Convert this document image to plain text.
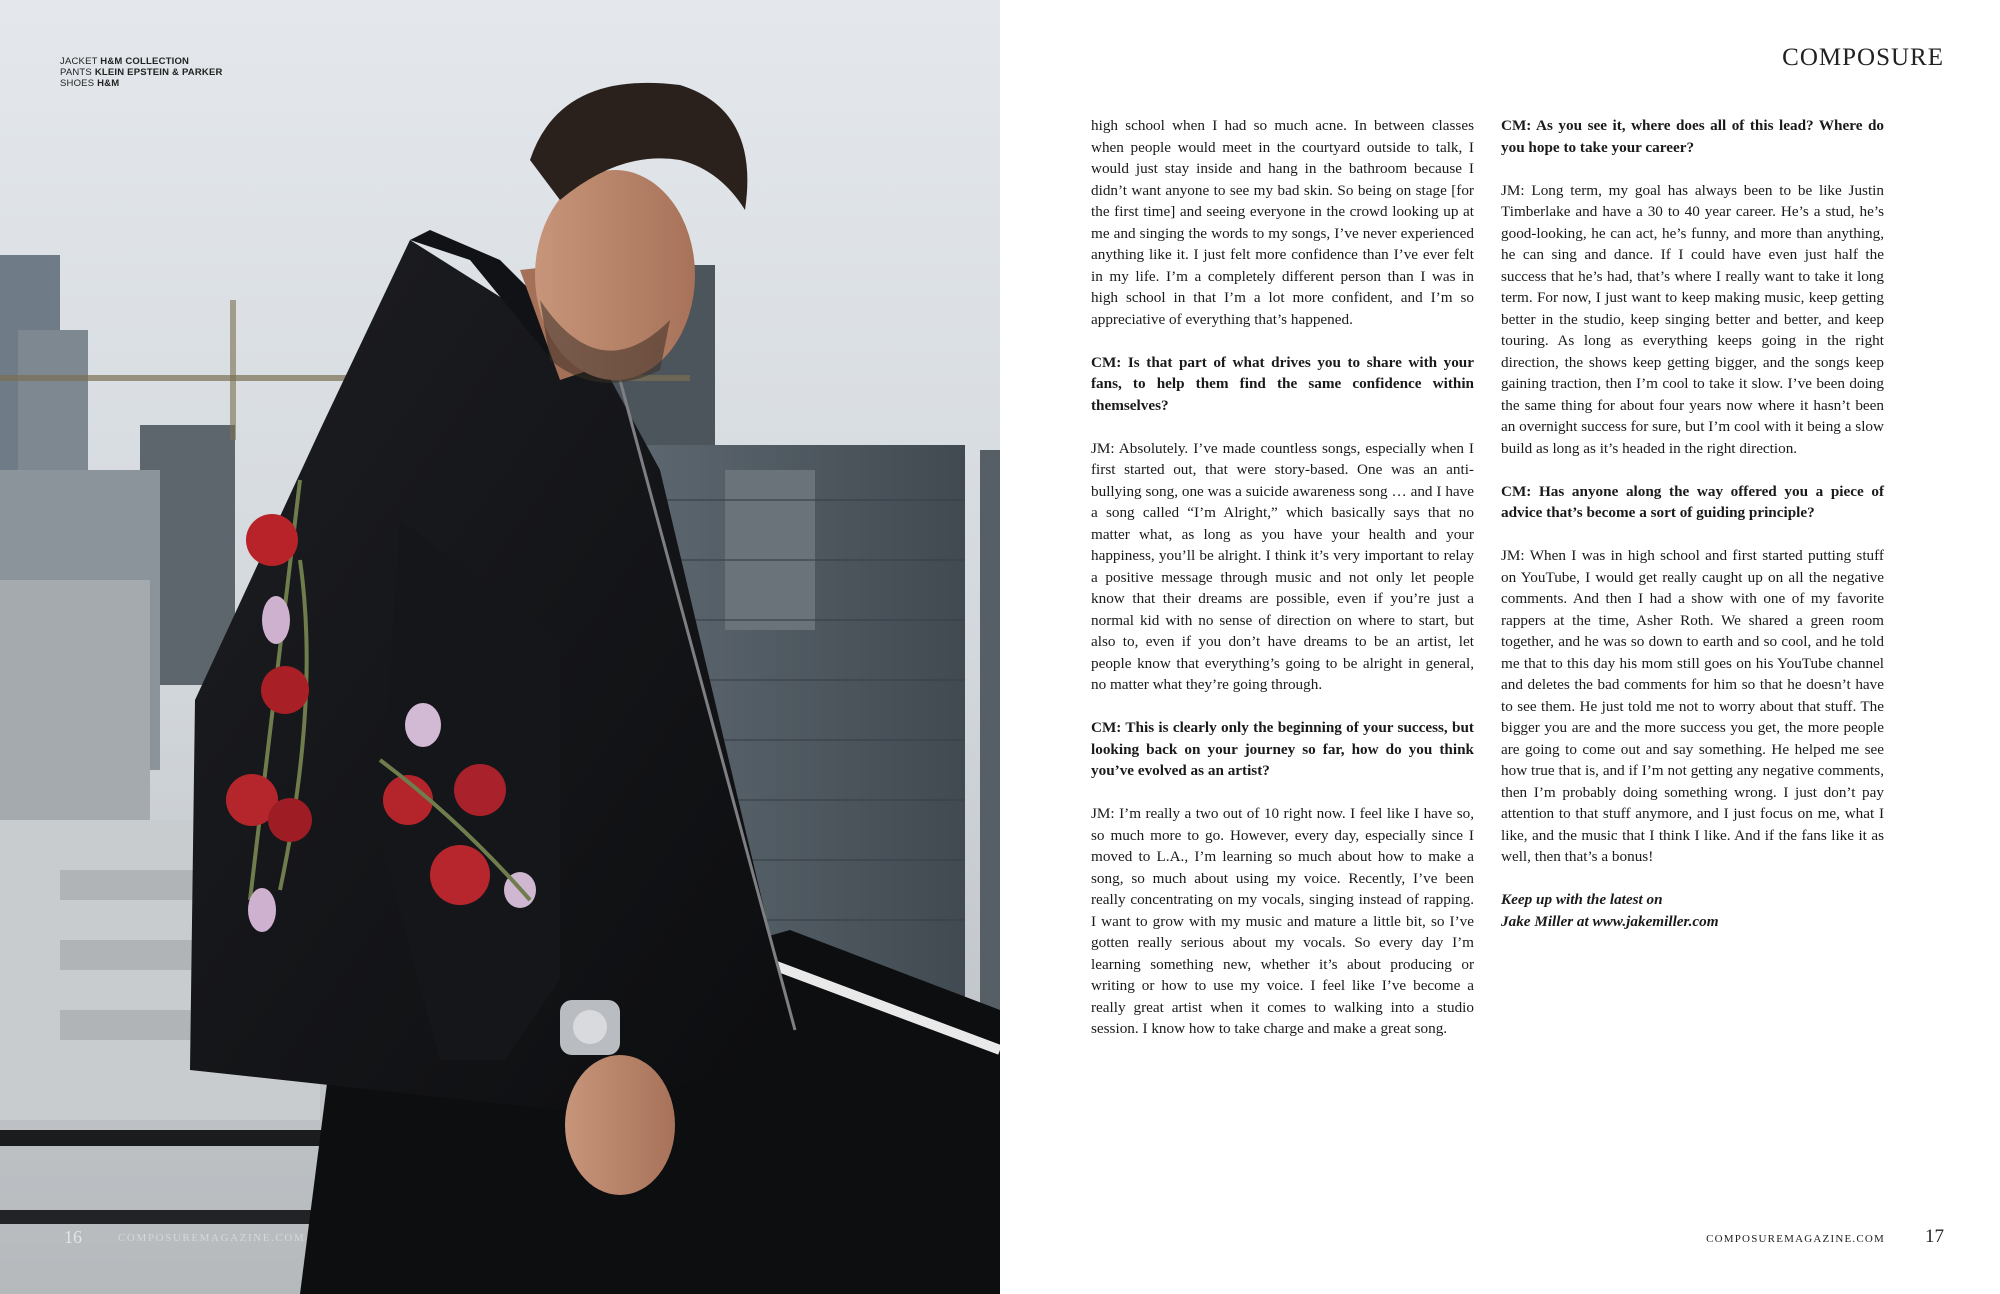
JACKET H&M COLLECTION
PANTS KLEIN EPSTEIN & PARKER
SHOES H&M
16	COMPOSUREMAGAZINE.COM
COMPOSURE

high school when I had so much acne. In between classes when people would meet in the courtyard outside to talk, I would just stay inside and hang in the bathroom because I didn’t want anyone to see my bad skin. So being on stage [for the first time] and seeing everyone in the crowd looking up at me and singing the words to my songs, I’ve never experienced anything like it. I just felt more confidence than I’ve ever felt in my life. I’m a completely different person than I was in high school in that I’m a lot more confident, and I’m so appreciative of everything that’s happened.

CM: Is that part of what drives you to share with your fans, to help them find the same confidence within themselves?

JM: Absolutely. I’ve made countless songs, especially when I first started out, that were story-based. One was an anti-bullying song, one was a suicide awareness song … and I have a song called “I’m Alright,” which basically says that no matter what, as long as you have your health and your happiness, you’ll be alright. I think it’s very important to relay a positive message through music and not only let people know that their dreams are possible, even if you’re just a normal kid with no sense of direction on where to start, but also to, even if you don’t have dreams to be an artist, let people know that everything’s going to be alright in general, no matter what they’re going through.

CM: This is clearly only the beginning of your success, but looking back on your journey so far, how do you think you’ve evolved as an artist?

JM: I’m really a two out of 10 right now. I feel like I have so, so much more to go. However, every day, especially since I moved to L.A., I’m learning so much about how to make a song, so much about using my voice. Recently, I’ve been really concentrating on my vocals, singing instead of rapping. I want to grow with my music and mature a little bit, so I’ve gotten really serious about my vocals. So every day I’m learning something new, whether it’s about producing or writing or how to use my voice. I feel like I’ve become a really great artist when it comes to walking into a studio session. I know how to take charge and make a great song.

CM: As you see it, where does all of this lead? Where do you hope to take your career?

JM: Long term, my goal has always been to be like Justin Timberlake and have a 30 to 40 year career. He’s a stud, he’s good-looking, he can act, he’s funny, and more than anything, he can sing and dance. If I could have even just half the success that he’s had, that’s where I really want to take it long term. For now, I just want to keep making music, keep getting better in the studio, keep singing better and better, and keep touring. As long as everything keeps going in the right direction, the shows keep getting bigger, and the songs keep gaining traction, then I’m cool to take it slow. I’ve been doing the same thing for about four years now where it hasn’t been an overnight success for sure, but I’m cool with it being a slow build as long as it’s headed in the right direction.

CM: Has anyone along the way offered you a piece of advice that’s become a sort of guiding principle?

JM: When I was in high school and first started putting stuff on YouTube, I would get really caught up on all the negative comments. And then I had a show with one of my favorite rappers at the time, Asher Roth. We shared a green room together, and he was so down to earth and so cool, and he told me that to this day his mom still goes on his YouTube channel and deletes the bad comments for him so that he doesn’t have to see them. He just told me not to worry about that stuff. The bigger you are and the more success you get, the more people are going to come out and say something. He helped me see how true that is, and if I’m not getting any negative comments, then I’m probably doing something wrong. I just don’t pay attention to that stuff anymore, and I just focus on me, what I like, and the music that I think I like. And if the fans like it as well, then that’s a bonus!

Keep up with the latest on
Jake Miller at www.jakemiller.com

COMPOSUREMAGAZINE.COM 17
